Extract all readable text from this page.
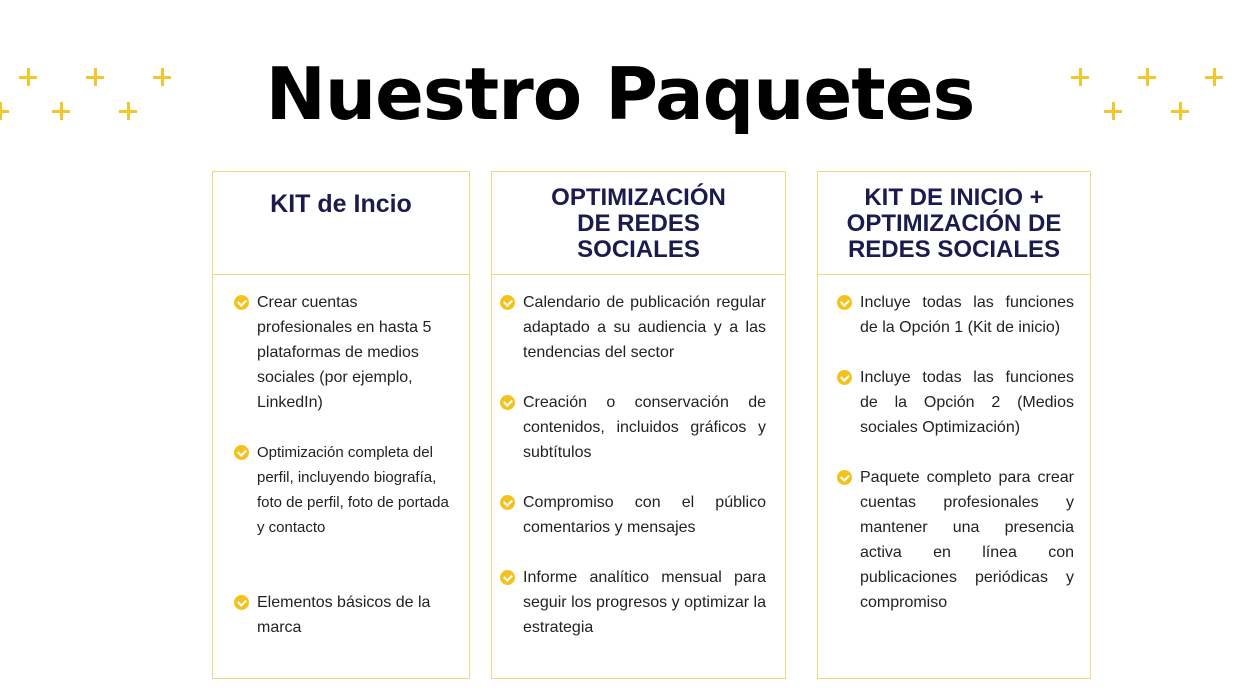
Nuestro Paquetes
KIT de Incio
Crear cuentas profesionales en hasta 5 plataformas de medios sociales (por ejemplo, LinkedIn)
Optimización completa del perfil, incluyendo biografía, foto de perfil, foto de portada y contacto
Elementos básicos de la marca
OPTIMIZACIÓN DE REDES SOCIALES
Calendario de publicación regular adaptado a su audiencia y a las tendencias del sector
Creación o conservación de contenidos, incluidos gráficos y subtítulos
Compromiso con el público comentarios y mensajes
Informe analítico mensual para seguir los progresos y optimizar la estrategia
KIT DE INICIO + OPTIMIZACIÓN DE REDES SOCIALES
Incluye todas las funciones de la Opción 1 (Kit de inicio)
Incluye todas las funciones de la Opción 2 (Medios sociales Optimización)
Paquete completo para crear cuentas profesionales y mantener una presencia activa en línea con publicaciones periódicas y compromiso
